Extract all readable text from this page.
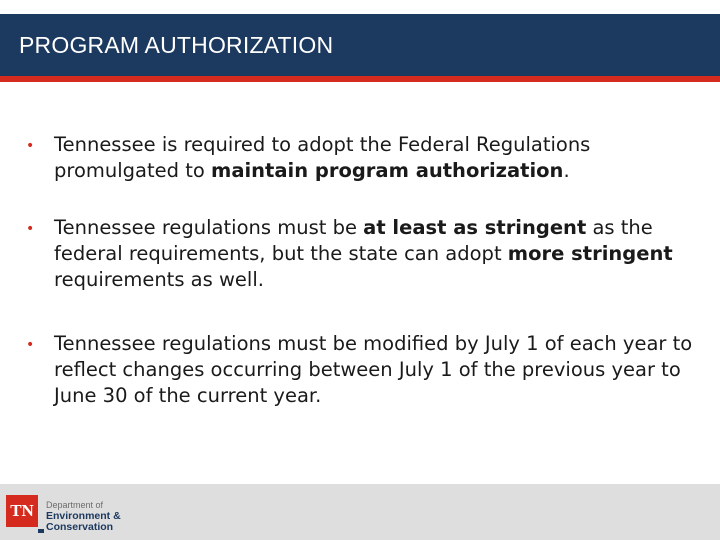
PROGRAM AUTHORIZATION
• Tennessee is required to adopt the Federal Regulations promulgated to maintain program authorization.
• Tennessee regulations must be at least as stringent as the federal requirements, but the state can adopt more stringent requirements as well.
• Tennessee regulations must be modified by July 1 of each year to reflect changes occurring between July 1 of the previous year to June 30 of the current year.
TN	Department of
Environment &
Conservation
